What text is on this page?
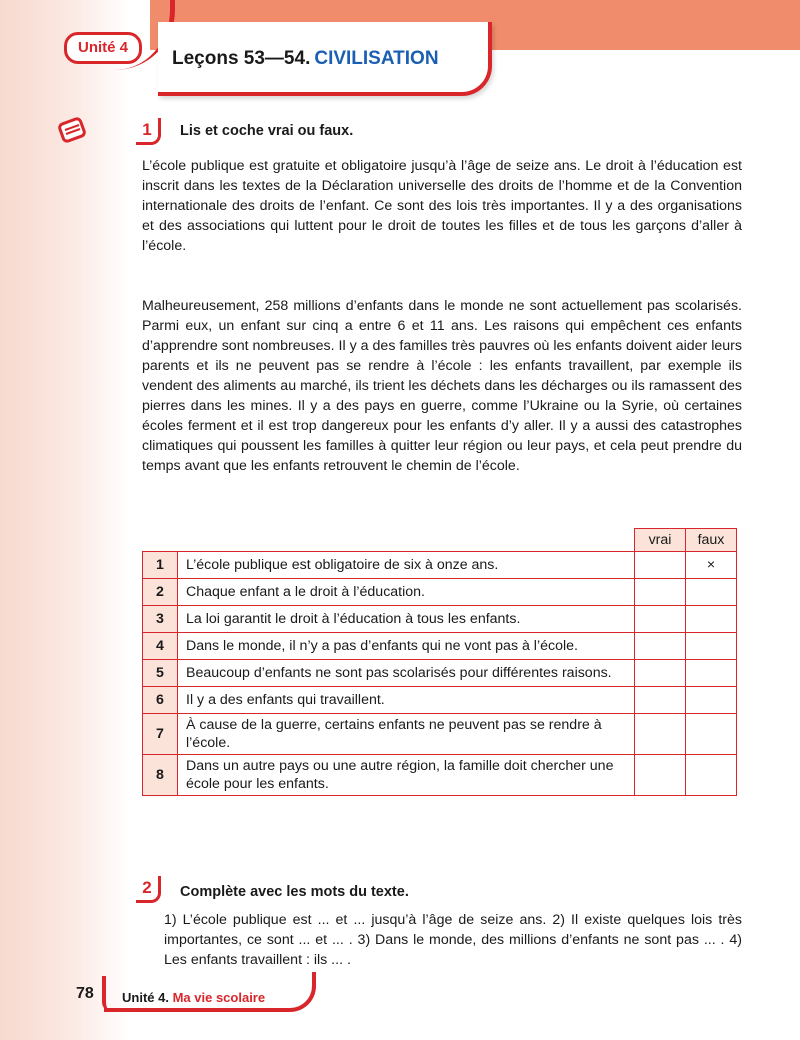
Unité 4
Leçons 53—54. CIVILISATION
1	Lis et coche vrai ou faux.

L’école publique est gratuite et obligatoire jusqu’à l’âge de seize ans. Le droit à l’éducation est inscrit dans les textes de la Déclaration universelle des droits de l’homme et de la Convention internationale des droits de l’enfant. Ce sont des lois très importantes. Il y a des organisations et des associations qui luttent pour le droit de toutes les filles et de tous les garçons d’aller à l’école.

Malheureusement, 258 millions d’enfants dans le monde ne sont actuellement pas scolarisés. Parmi eux, un enfant sur cinq a entre 6 et 11 ans. Les raisons qui empêchent ces enfants d’apprendre sont nombreuses. Il y a des familles très pauvres où les enfants doivent aider leurs parents et ils ne peuvent pas se rendre à l’école : les enfants travaillent, par exemple ils vendent des aliments au marché, ils trient les déchets dans les décharges ou ils ramassent des pierres dans les mines. Il y a des pays en guerre, comme l’Ukraine ou la Syrie, où certaines écoles ferment et il est trop dangereux pour les enfants d’y aller. Il y a aussi des catastrophes climatiques qui poussent les familles à quitter leur région ou leur pays, et cela peut prendre du temps avant que les enfants retrouvent le chemin de l’école.

		vrai	faux
1	L’école publique est obligatoire de six à onze ans.		×
2	Chaque enfant a le droit à l’éducation.		
3	La loi garantit le droit à l’éducation à tous les enfants.		
4	Dans le monde, il n’y a pas d’enfants qui ne vont pas à l’école.		
5	Beaucoup d’enfants ne sont pas scolarisés pour différentes raisons.		
6	Il y a des enfants qui travaillent.		
7	À cause de la guerre, certains enfants ne peuvent pas se rendre à l’école.		
8	Dans un autre pays ou une autre région, la famille doit chercher une école pour les enfants.		
2	Complète avec les mots du texte.

1) L’école publique est ... et ... jusqu’à l’âge de seize ans. 2) Il existe quelques lois très importantes, ce sont ... et ... . 3) Dans le monde, des millions d’enfants ne sont pas ... . 4) Les enfants travaillent : ils ... .

78 Unité 4. Ma vie scolaire
